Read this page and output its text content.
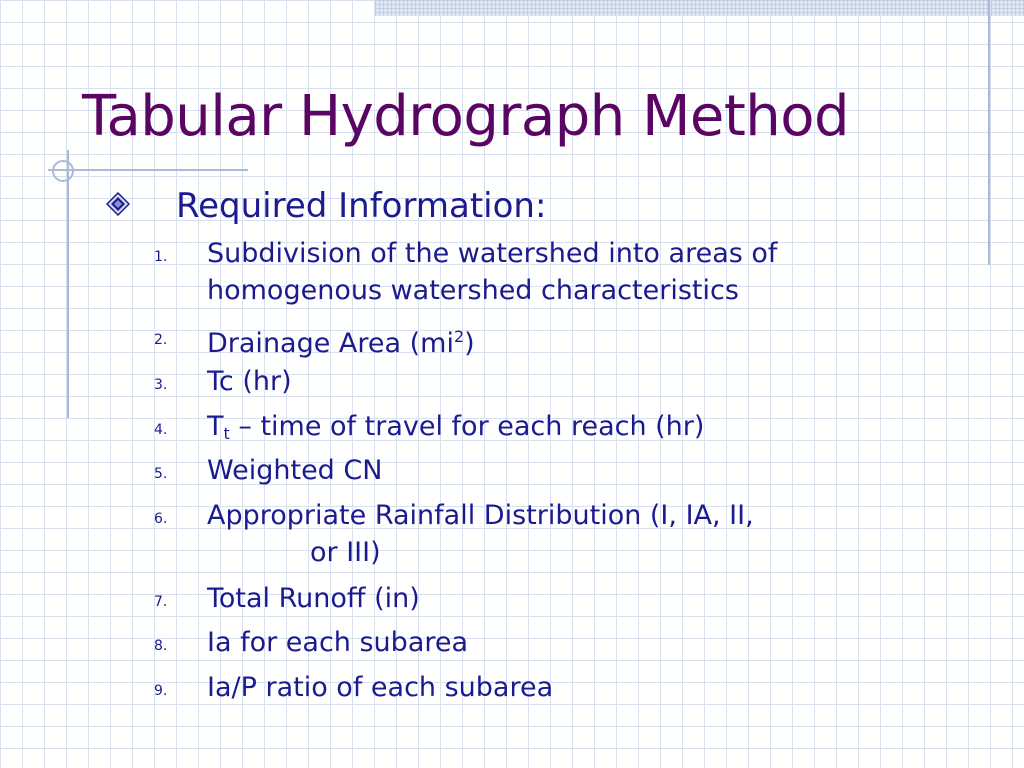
Tabular Hydrograph Method
Required Information:
1. Subdivision of the watershed into areas of
homogenous watershed characteristics
2. Drainage Area $(mi^2)$
3. Tc (hr)
4. $T_t$ – time of travel for each reach (hr)
5. Weighted CN
6. Appropriate Rainfall Distribution (I, IA, II,
or III)
7. Total Runoff (in)
8. Ia for each subarea
9. Ia/P ratio of each subarea
